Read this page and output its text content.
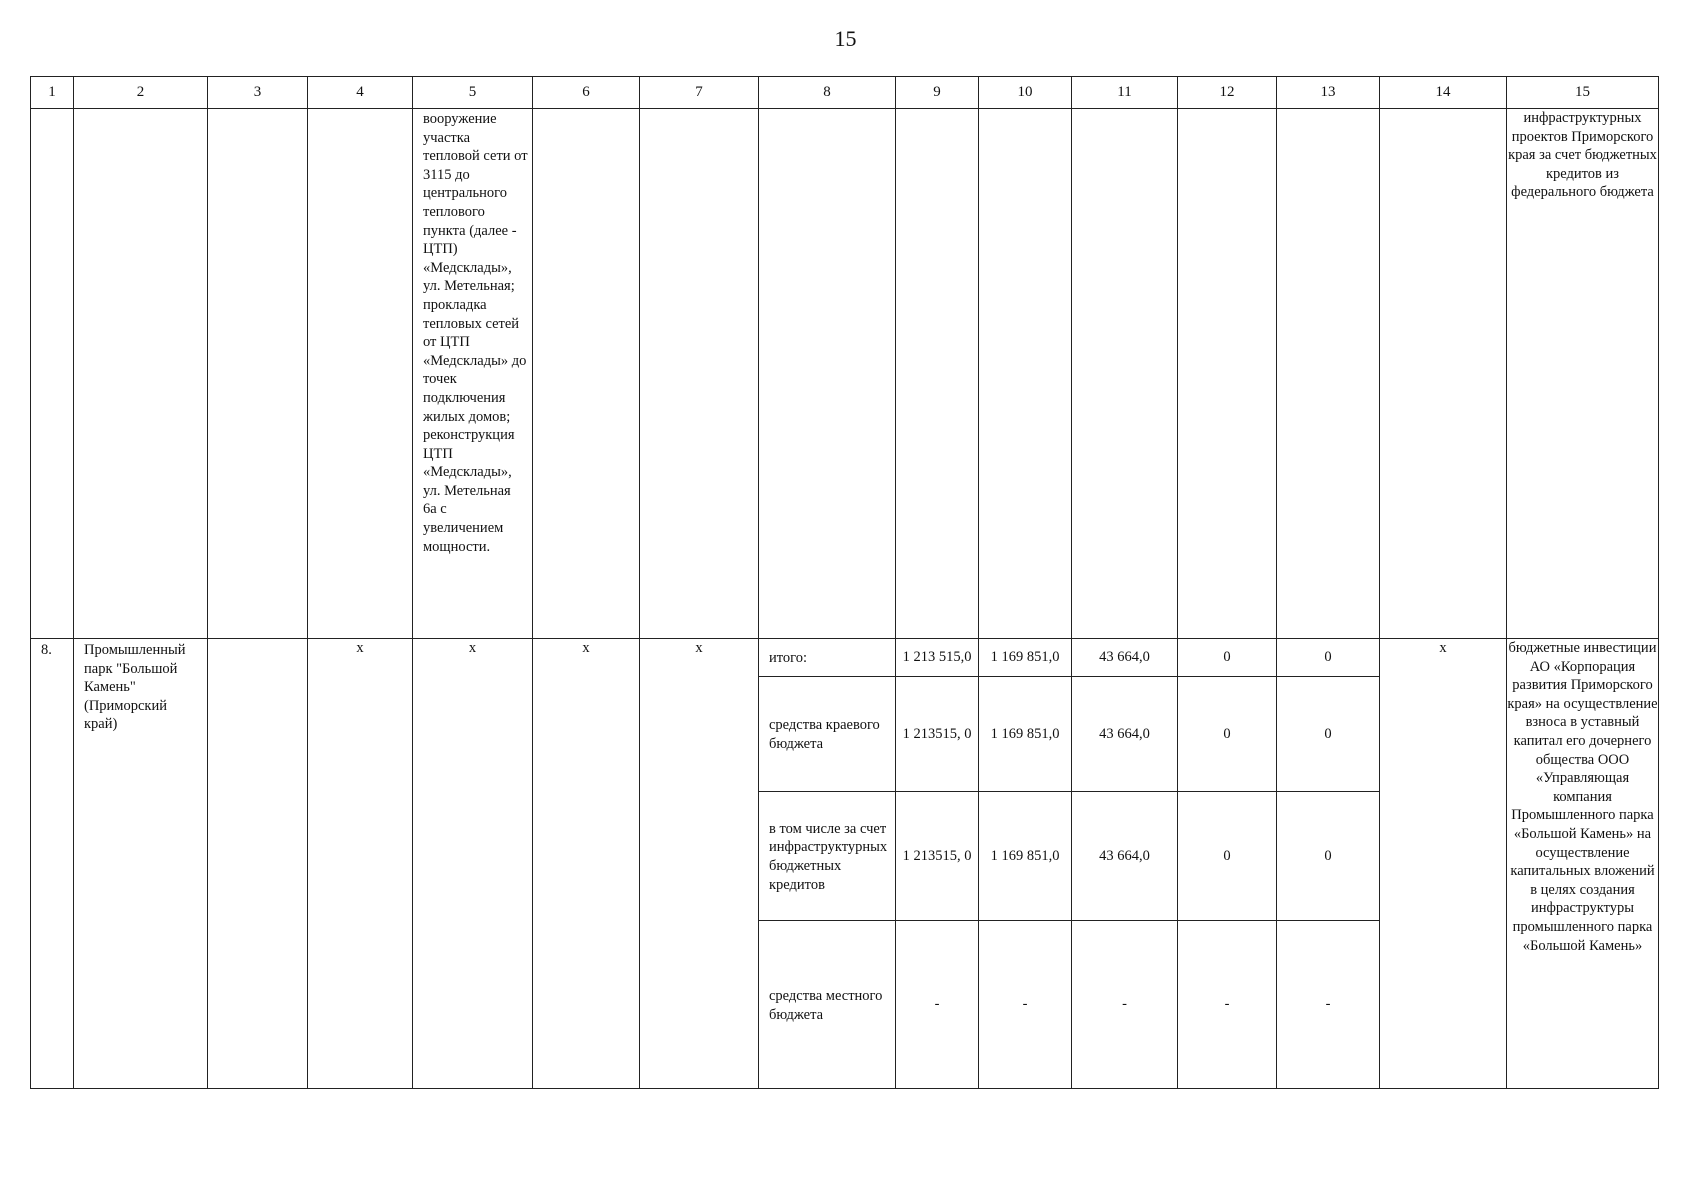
15
1	2	3	4	5	6	7	8	9	10	11	12	13	14	15
				вооружение участка тепловой сети от 3115 до центрального теплового пункта (далее - ЦТП) «Медсклады», ул. Метельная; прокладка тепловых сетей от ЦТП «Медсклады» до точек подключения жилых домов; реконструкция ЦТП «Медсклады», ул. Метельная 6а с увеличением мощности.										инфраструктурных проектов Приморского края за счет бюджетных кредитов из федерального бюджета
8.	Промышленный парк "Большой Камень" (Приморский край)		x	x	x	x	итого:	1 213 515,0	1 169 851,0	43 664,0	0	0	x	бюджетные инвестиции АО «Корпорация развития Приморского края» на осуществление взноса в уставный капитал его дочернего общества ООО «Управляющая компания Промышленного парка «Большой Камень» на осуществление капитальных вложений в целях создания инфраструктуры промышленного парка «Большой Камень»
							средства краевого бюджета	1 213515, 0	1 169 851,0	43 664,0	0	0		
							в том числе за счет инфраструктурных бюджетных кредитов	1 213515, 0	1 169 851,0	43 664,0	0	0		
							средства местного бюджета	-	-	-	-	-		
